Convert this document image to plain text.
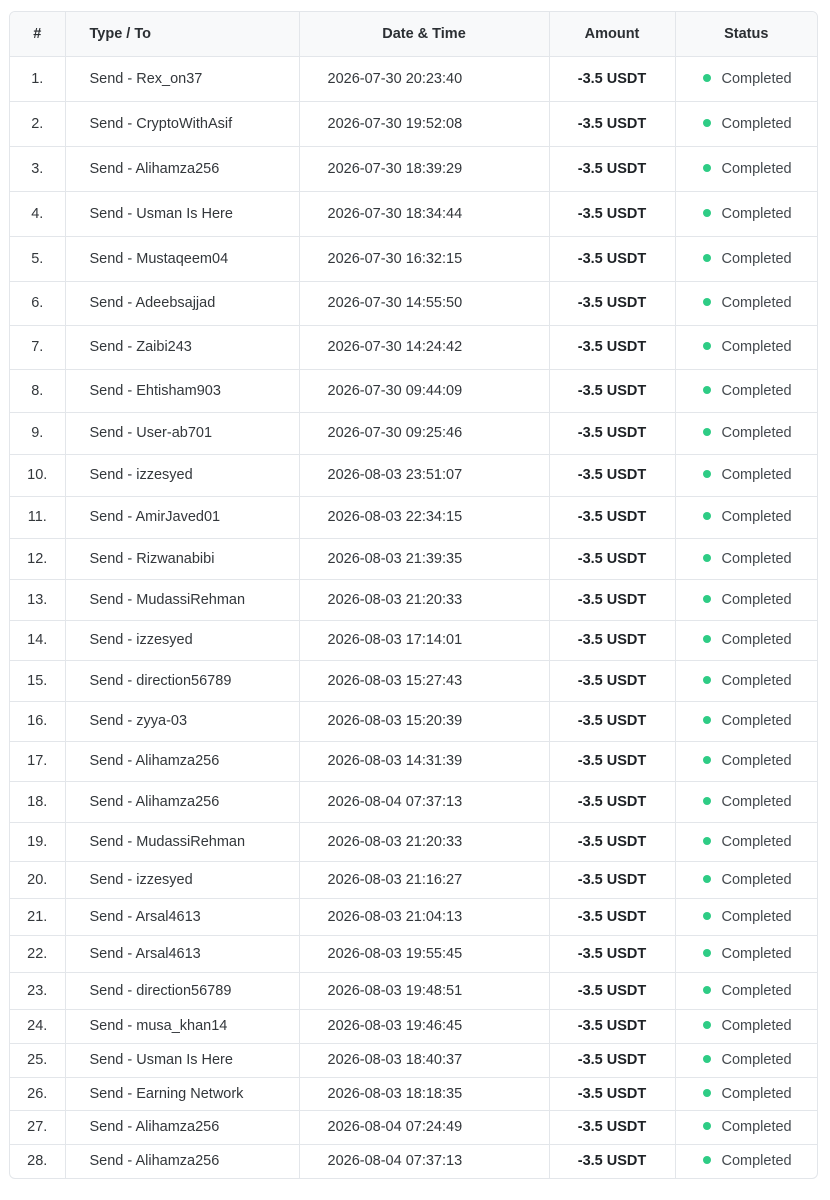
#	Type / To	Date & Time	Amount	Status
1.	Send - Rex_on37	2026-07-30 20:23:40	-3.5 USDT	Completed
2.	Send - CryptoWithAsif	2026-07-30 19:52:08	-3.5 USDT	Completed
3.	Send - Alihamza256	2026-07-30 18:39:29	-3.5 USDT	Completed
4.	Send - Usman Is Here	2026-07-30 18:34:44	-3.5 USDT	Completed
5.	Send - Mustaqeem04	2026-07-30 16:32:15	-3.5 USDT	Completed
6.	Send - Adeebsajjad	2026-07-30 14:55:50	-3.5 USDT	Completed
7.	Send - Zaibi243	2026-07-30 14:24:42	-3.5 USDT	Completed
8.	Send - Ehtisham903	2026-07-30 09:44:09	-3.5 USDT	Completed
9.	Send - User-ab701	2026-07-30 09:25:46	-3.5 USDT	Completed
10.	Send - izzesyed	2026-08-03 23:51:07	-3.5 USDT	Completed
11.	Send - AmirJaved01	2026-08-03 22:34:15	-3.5 USDT	Completed
12.	Send - Rizwanabibi	2026-08-03 21:39:35	-3.5 USDT	Completed
13.	Send - MudassiRehman	2026-08-03 21:20:33	-3.5 USDT	Completed
14.	Send - izzesyed	2026-08-03 17:14:01	-3.5 USDT	Completed
15.	Send - direction56789	2026-08-03 15:27:43	-3.5 USDT	Completed
16.	Send - zyya-03	2026-08-03 15:20:39	-3.5 USDT	Completed
17.	Send - Alihamza256	2026-08-03 14:31:39	-3.5 USDT	Completed
18.	Send - Alihamza256	2026-08-04 07:37:13	-3.5 USDT	Completed
19.	Send - MudassiRehman	2026-08-03 21:20:33	-3.5 USDT	Completed
20.	Send - izzesyed	2026-08-03 21:16:27	-3.5 USDT	Completed
21.	Send - Arsal4613	2026-08-03 21:04:13	-3.5 USDT	Completed
22.	Send - Arsal4613	2026-08-03 19:55:45	-3.5 USDT	Completed
23.	Send - direction56789	2026-08-03 19:48:51	-3.5 USDT	Completed
24.	Send - musa_khan14	2026-08-03 19:46:45	-3.5 USDT	Completed
25.	Send - Usman Is Here	2026-08-03 18:40:37	-3.5 USDT	Completed
26.	Send - Earning Network	2026-08-03 18:18:35	-3.5 USDT	Completed
27.	Send - Alihamza256	2026-08-04 07:24:49	-3.5 USDT	Completed
28.	Send - Alihamza256	2026-08-04 07:37:13	-3.5 USDT	Completed
